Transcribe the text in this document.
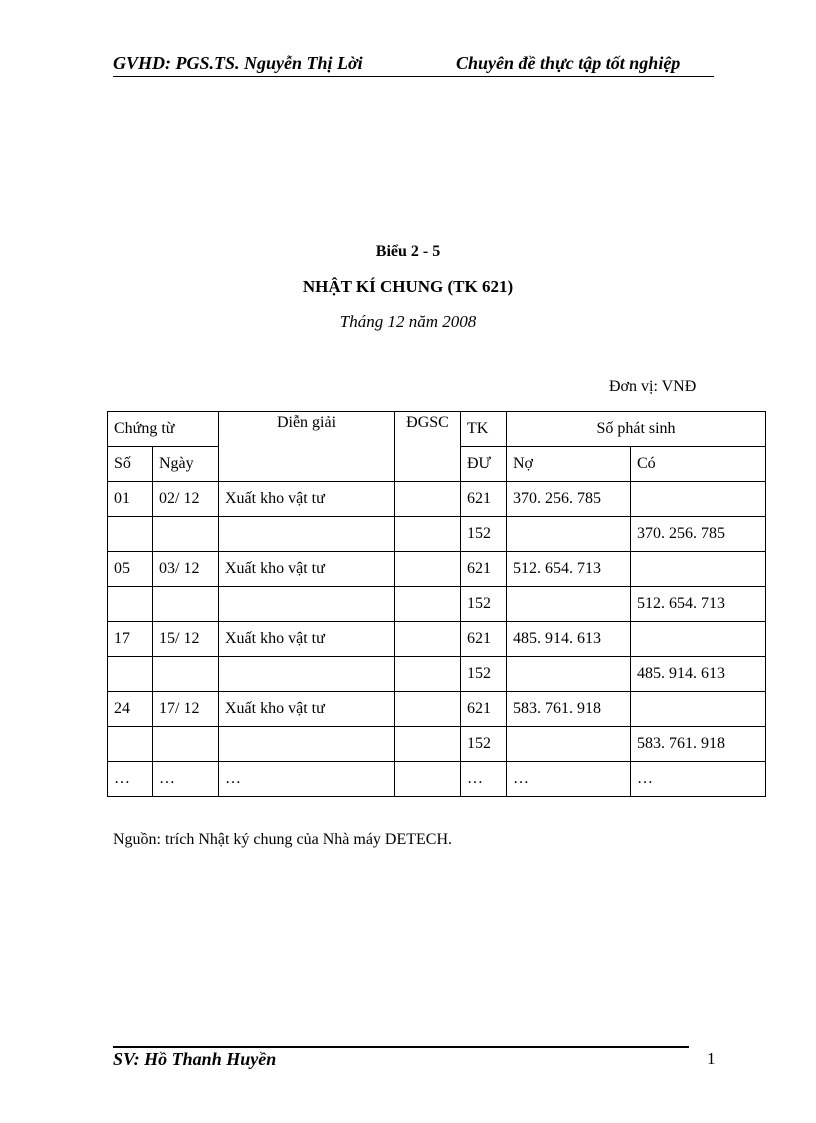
GVHD: PGS.TS. Nguyễn Thị Lời	Chuyên đề thực tập tốt nghiệp
Biểu 2 - 5
NHẬT KÍ CHUNG (TK 621)
Tháng 12 năm 2008
Đơn vị: VNĐ
Chứng từ		Diễn giải	ĐGSC	TK	Số phát sinh	
Số	Ngày			ĐƯ	Nợ	Có
01	02/ 12	Xuất kho vật tư		621	370. 256. 785	
				152		370. 256. 785
05	03/ 12	Xuất kho vật tư		621	512. 654. 713	
				152		512. 654. 713
17	15/ 12	Xuất kho vật tư		621	485. 914. 613	
				152		485. 914. 613
24	17/ 12	Xuất kho vật tư		621	583. 761. 918	
				152		583. 761. 918
…	…	…		…	…	…
Nguồn: trích Nhật ký chung của Nhà máy DETECH.
SV: Hồ Thanh Huyền	1
